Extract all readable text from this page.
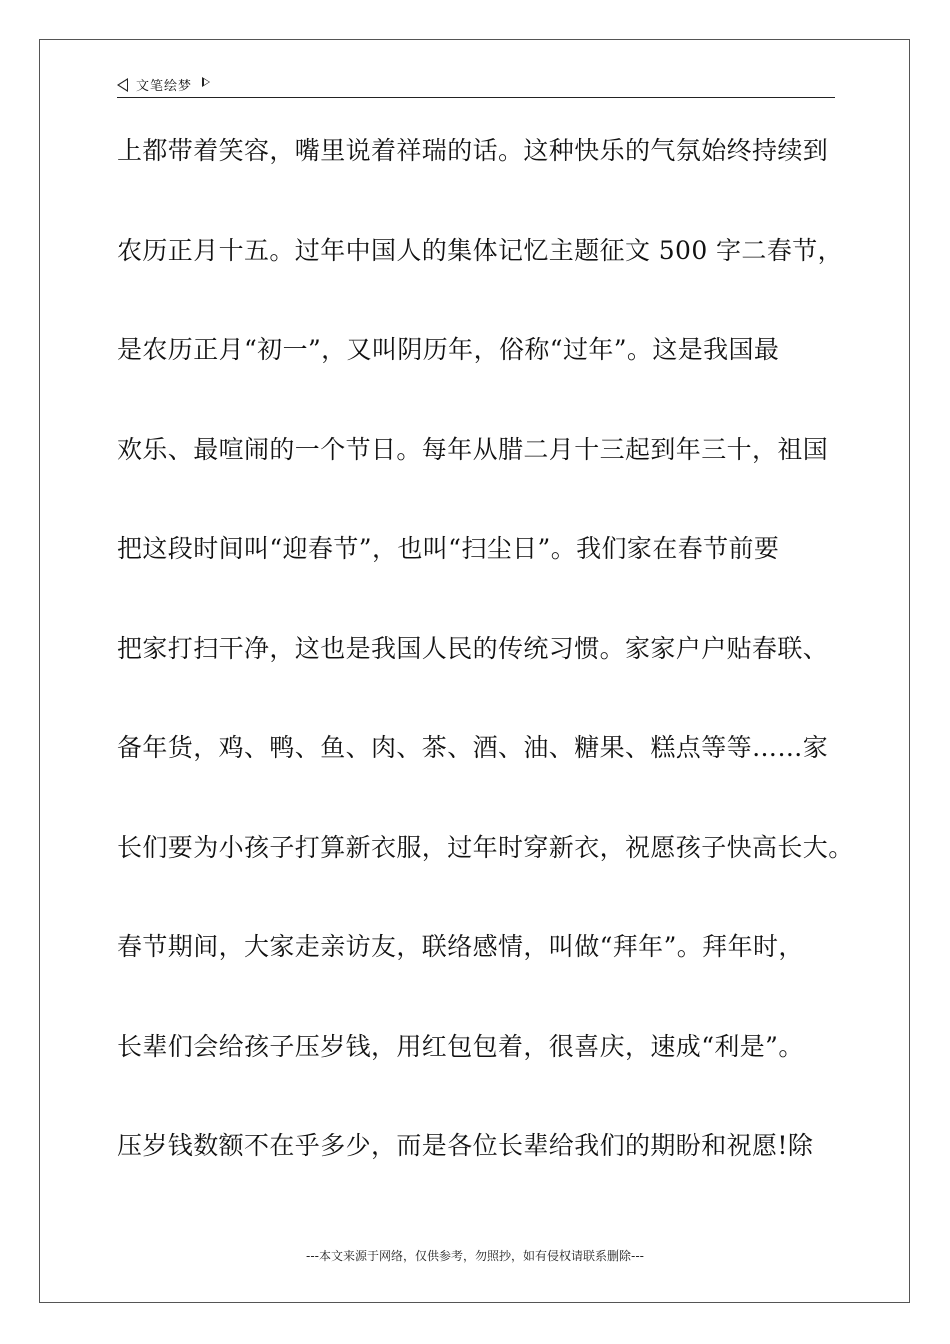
文笔绘梦
上都带着笑容，嘴里说着祥瑞的话。这种快乐的气氛始终持续到
农历正月十五。过年中国人的集体记忆主题征文 500 字二春节，
是农历正月“初一”，又叫阴历年，俗称“过年”。这是我国最
欢乐、最喧闹的一个节日。每年从腊二月十三起到年三十，祖国
把这段时间叫“迎春节”，也叫“扫尘日”。我们家在春节前要
把家打扫干净，这也是我国人民的传统习惯。家家户户贴春联、
备年货，鸡、鸭、鱼、肉、茶、酒、油、糖果、糕点等等……家
长们要为小孩子打算新衣服，过年时穿新衣，祝愿孩子快高长大。
春节期间，大家走亲访友，联络感情，叫做“拜年”。拜年时，
长辈们会给孩子压岁钱，用红包包着，很喜庆，速成“利是”。
压岁钱数额不在乎多少，而是各位长辈给我们的期盼和祝愿!除
---本文来源于网络，仅供参考，勿照抄，如有侵权请联系删除---
